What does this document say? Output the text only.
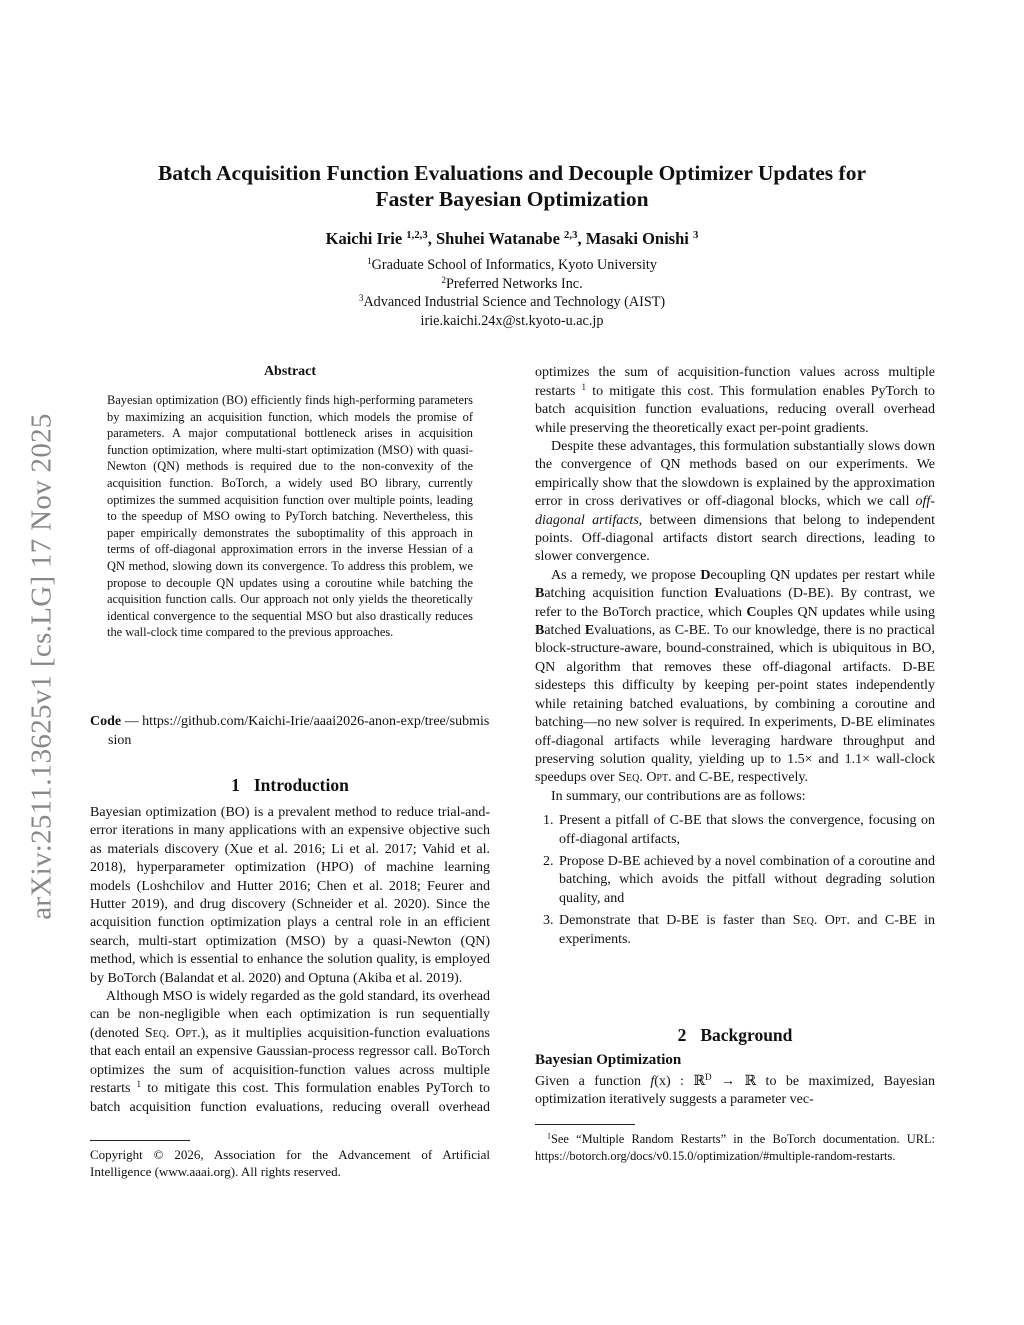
arXiv:2511.13625v1 [cs.LG] 17 Nov 2025
Batch Acquisition Function Evaluations and Decouple Optimizer Updates for
Faster Bayesian Optimization
Kaichi Irie $^{1,2,3}$, Shuhei Watanabe $^{2,3}$, Masaki Onishi $^3$
$^1$Graduate School of Informatics, Kyoto University
$^2$Preferred Networks Inc.
$^3$Advanced Industrial Science and Technology (AIST)
irie.kaichi.24x@st.kyoto-u.ac.jp
Abstract

Bayesian optimization (BO) efficiently finds high-performing parameters by maximizing an acquisition function, which models the promise of parameters. A major computational bottleneck arises in acquisition function optimization, where multi-start optimization (MSO) with quasi-Newton (QN) methods is required due to the non-convexity of the acquisition function. BoTorch, a widely used BO library, currently optimizes the summed acquisition function over multiple points, leading to the speedup of MSO owing to PyTorch batching. Nevertheless, this paper empirically demonstrates the suboptimality of this approach in terms of off-diagonal approximation errors in the inverse Hessian of a QN method, slowing down its convergence. To address this problem, we propose to decouple QN updates using a coroutine while batching the acquisition function calls. Our approach not only yields the theoretically identical convergence to the sequential MSO but also drastically reduces the wall-clock time compared to the previous approaches.

Code — https://github.com/Kaichi-Irie/aaai2026-anon-exp/tree/submission

1 Introduction

Bayesian optimization (BO) is a prevalent method to reduce trial-and-error iterations in many applications with an expensive objective such as materials discovery (Xue et al. 2016; Li et al. 2017; Vahid et al. 2018), hyperparameter optimization (HPO) of machine learning models (Loshchilov and Hutter 2016; Chen et al. 2018; Feurer and Hutter 2019), and drug discovery (Schneider et al. 2020). Since the acquisition function optimization plays a central role in an efficient search, multi-start optimization (MSO) by a quasi-Newton (QN) method, which is essential to enhance the solution quality, is employed by BoTorch (Balandat et al. 2020) and Optuna (Akiba et al. 2019).

Although MSO is widely regarded as the gold standard, its overhead can be non-negligible when each optimization is run sequentially (denoted Seq. Opt.), as it multiplies acquisition-function evaluations that each entail an expensive Gaussian-process regressor call. BoTorch optimizes the sum of acquisition-function values across multiple restarts $^1$ to mitigate this cost. This formulation enables PyTorch to batch acquisition function evaluations, reducing overall overhead

Copyright © 2026, Association for the Advancement of Artificial Intelligence (www.aaai.org). All rights reserved.

optimizes the sum of acquisition-function values across multiple restarts $^1$ to mitigate this cost. This formulation enables PyTorch to batch acquisition function evaluations, reducing overall overhead while preserving the theoretically exact per-point gradients.

Despite these advantages, this formulation substantially slows down the convergence of QN methods based on our experiments. We empirically show that the slowdown is explained by the approximation error in cross derivatives or off-diagonal blocks, which we call off-diagonal artifacts, between dimensions that belong to independent points. Off-diagonal artifacts distort search directions, leading to slower convergence.

As a remedy, we propose Decoupling QN updates per restart while Batching acquisition function Evaluations (D-BE). By contrast, we refer to the BoTorch practice, which Couples QN updates while using Batched Evaluations, as C-BE. To our knowledge, there is no practical block-structure-aware, bound-constrained, which is ubiquitous in BO, QN algorithm that removes these off-diagonal artifacts. D-BE sidesteps this difficulty by keeping per-point states independently while retaining batched evaluations, by combining a coroutine and batching—no new solver is required. In experiments, D-BE eliminates off-diagonal artifacts while leveraging hardware throughput and preserving solution quality, yielding up to 1.5× and 1.1× wall-clock speedups over Seq. Opt. and C-BE, respectively.

In summary, our contributions are as follows:

1. Present a pitfall of C-BE that slows the convergence, focusing on off-diagonal artifacts,
2. Propose D-BE achieved by a novel combination of a coroutine and batching, which avoids the pitfall without degrading solution quality, and
3. Demonstrate that D-BE is faster than Seq. Opt. and C-BE in experiments.
2 Background
Bayesian Optimization

Given a function f(x) : ℝ$^D$ → ℝ to be maximized, Bayesian optimization iteratively suggests a parameter vec-

$^1$See “Multiple Random Restarts” in the BoTorch documentation. URL: https://botorch.org/docs/v0.15.0/optimization/#multiple-random-restarts.
